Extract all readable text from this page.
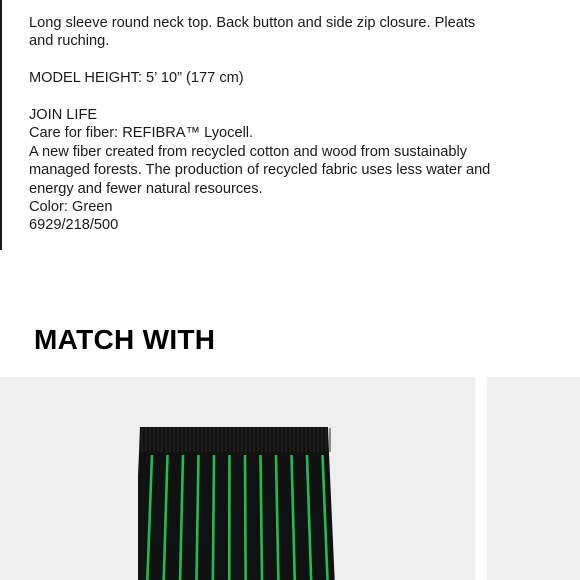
Long sleeve round neck top. Back button and side zip closure. Pleats

and ruching.

MODEL HEIGHT: 5’ 10” (177 cm)

JOIN LIFE

Care for fiber: REFIBRA™ Lyocell.

A new fiber created from recycled cotton and wood from sustainably

managed forests. The production of recycled fabric uses less water and

energy and fewer natural resources.

Color: Green

6929/218/500

MATCH WITH
